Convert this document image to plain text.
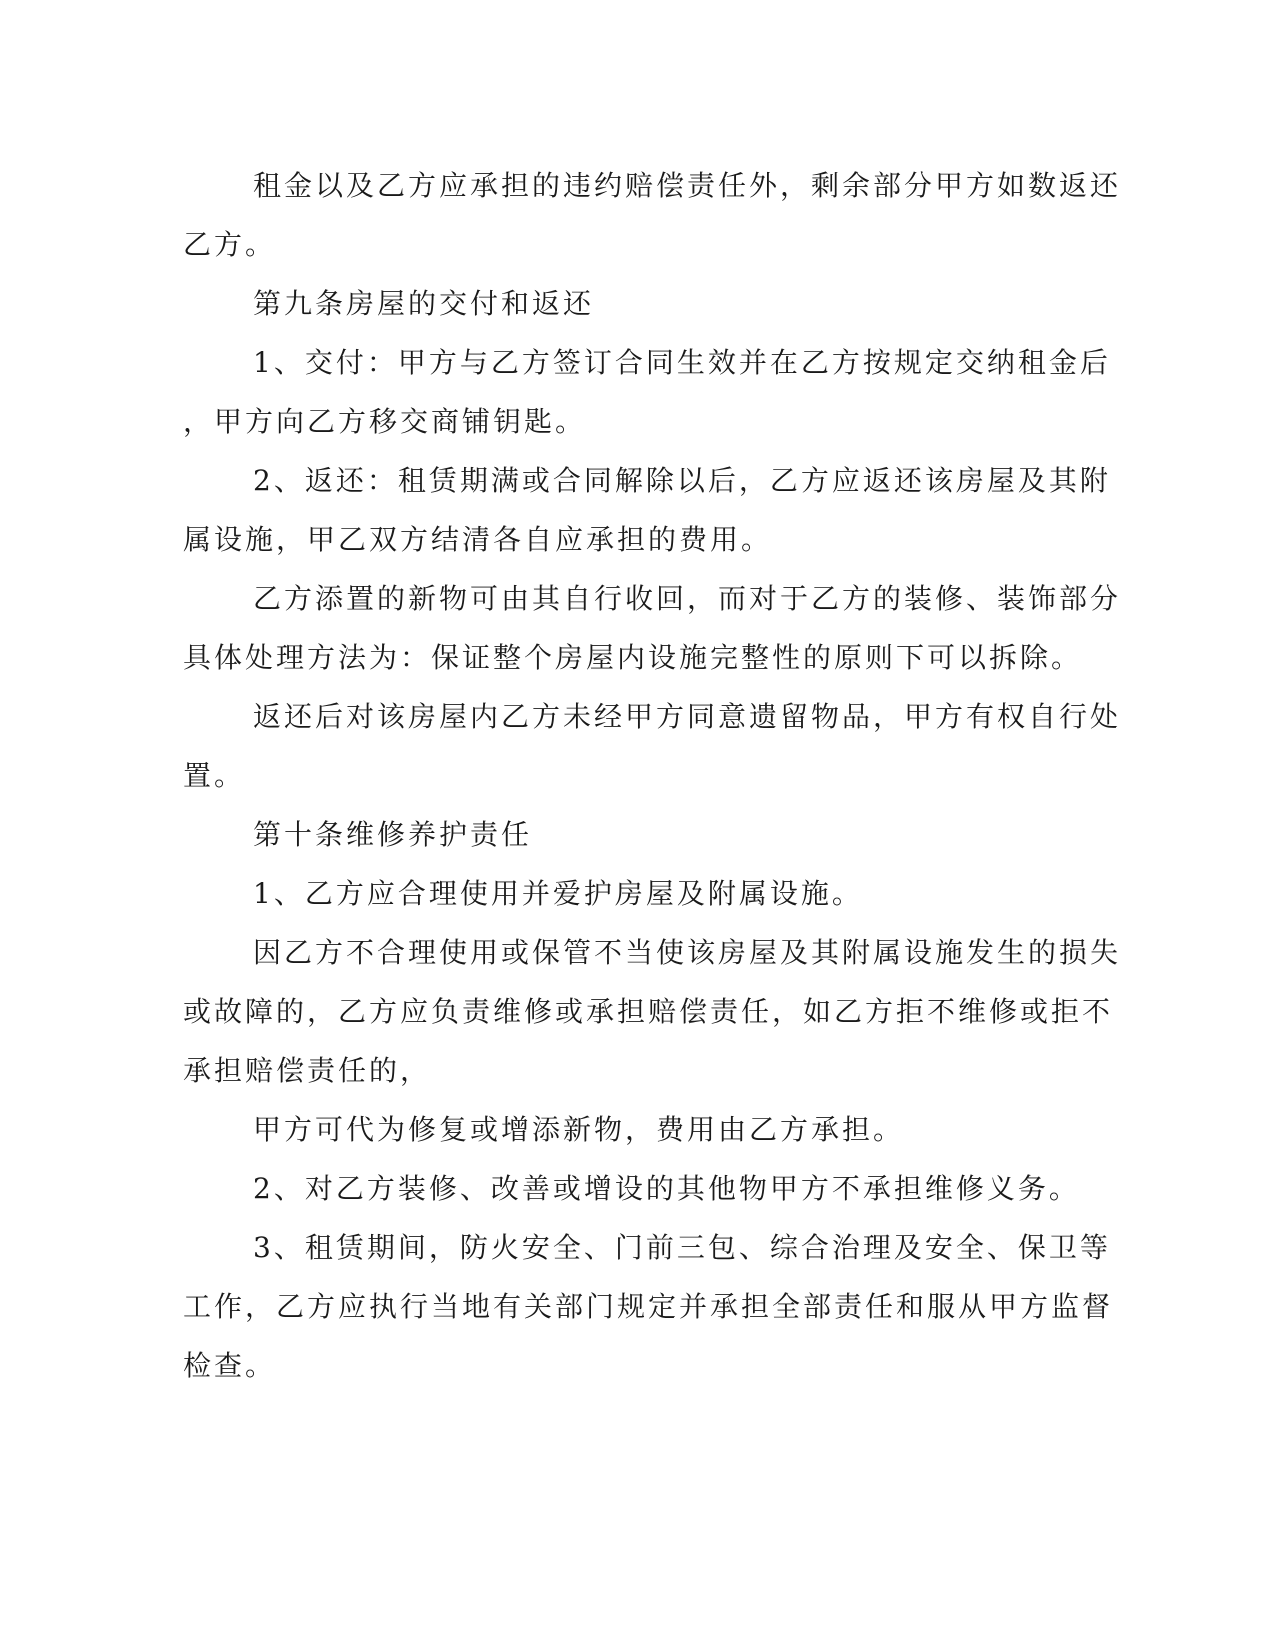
租金以及乙方应承担的违约赔偿责任外，剩余部分甲方如数返还
乙方。
第九条房屋的交付和返还
1、交付：甲方与乙方签订合同生效并在乙方按规定交纳租金后
，甲方向乙方移交商铺钥匙。
2、返还：租赁期满或合同解除以后，乙方应返还该房屋及其附
属设施，甲乙双方结清各自应承担的费用。
乙方添置的新物可由其自行收回，而对于乙方的装修、装饰部分
具体处理方法为：保证整个房屋内设施完整性的原则下可以拆除。
返还后对该房屋内乙方未经甲方同意遗留物品，甲方有权自行处
置。
第十条维修养护责任
1、乙方应合理使用并爱护房屋及附属设施。
因乙方不合理使用或保管不当使该房屋及其附属设施发生的损失
或故障的，乙方应负责维修或承担赔偿责任，如乙方拒不维修或拒不
承担赔偿责任的，
甲方可代为修复或增添新物，费用由乙方承担。
2、对乙方装修、改善或增设的其他物甲方不承担维修义务。
3、租赁期间，防火安全、门前三包、综合治理及安全、保卫等
工作，乙方应执行当地有关部门规定并承担全部责任和服从甲方监督
检查。
